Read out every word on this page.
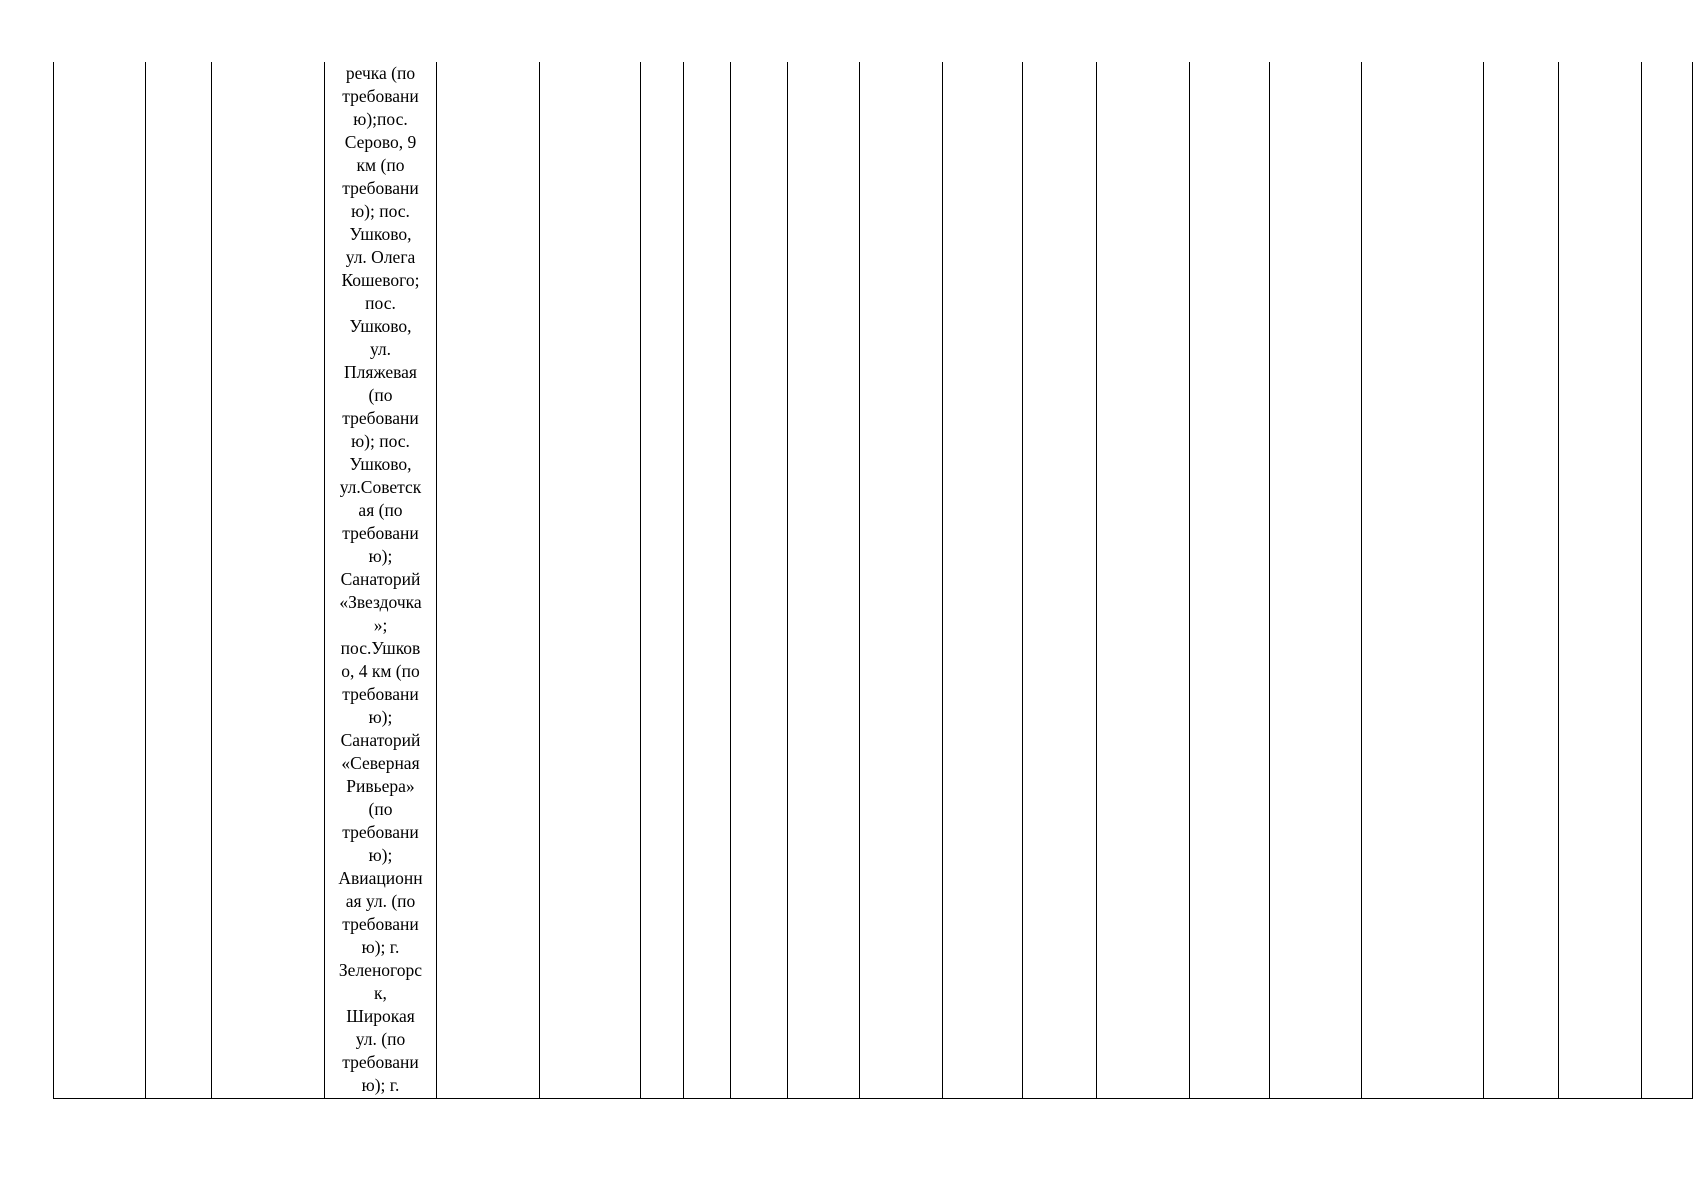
речка (по
требовани
ю);пос.
Серово, 9
км (по
требовани
ю); пос.
Ушково,
ул. Олега
Кошевого;
пос.
Ушково,
ул.
Пляжевая
(по
требовани
ю); пос.
Ушково,
ул.Советск
ая (по
требовани
ю);
Санаторий
«Звездочка
»;
пос.Ушков
о, 4 км (по
требовани
ю);
Санаторий
«Северная
Ривьера»
(по
требовани
ю);
Авиационн
ая ул. (по
требовани
ю); г.
Зеленогорс
к,
Широкая
ул. (по
требовани
ю); г.
